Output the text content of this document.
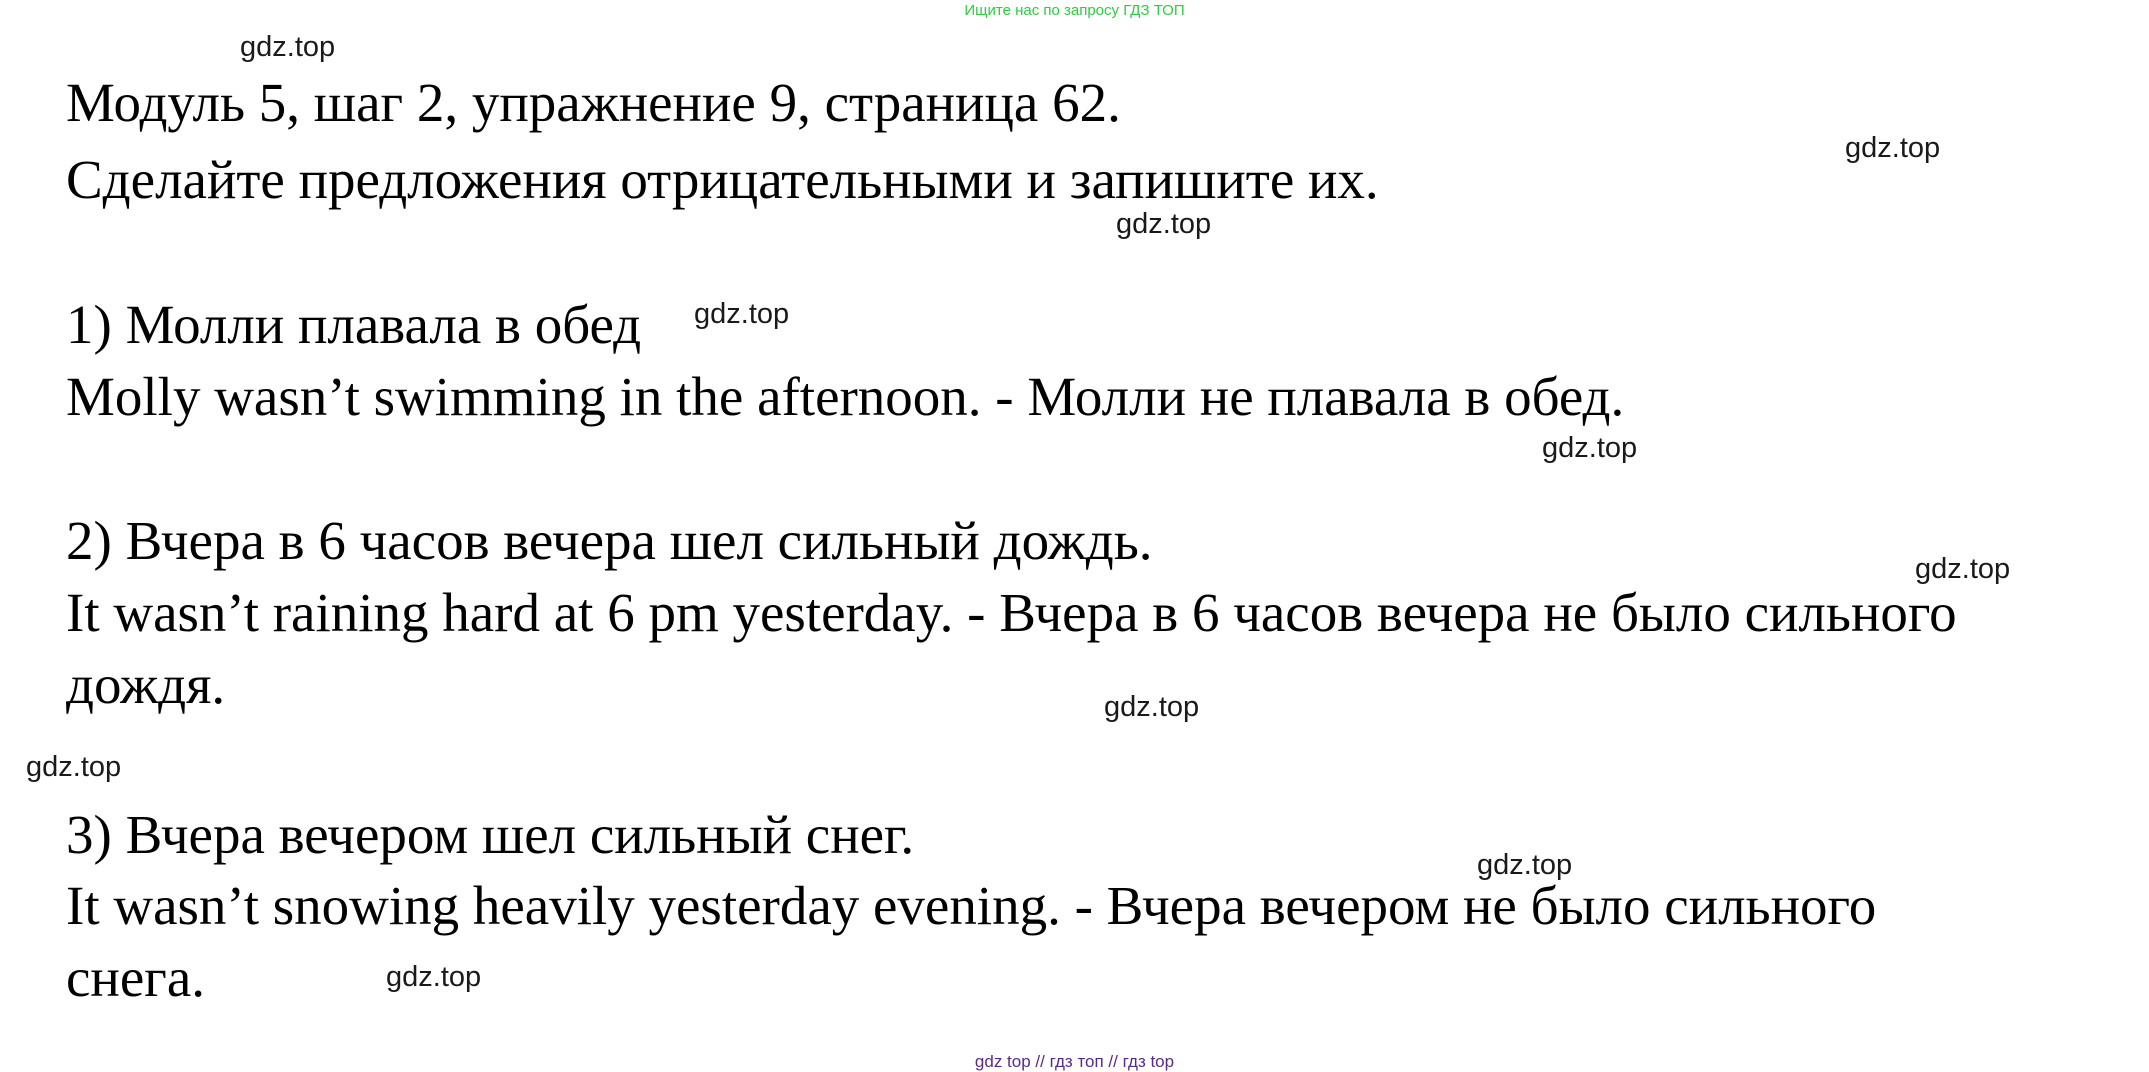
Ищите нас по запросу ГДЗ ТОП
Модуль 5, шаг 2, упражнение 9, страница 62.
Сделайте предложения отрицательными и запишите их.
1) Молли плавала в обед
Molly wasn’t swimming in the afternoon. - Молли не плавала в обед.
2) Вчера в 6 часов вечера шел сильный дождь.
It wasn’t raining hard at 6 pm yesterday. - Вчера в 6 часов вечера не было сильного
дождя.
3) Вчера вечером шел сильный снег.
It wasn’t snowing heavily yesterday evening. - Вчера вечером не было сильного
снега.
gdz.top
gdz.top
gdz.top
gdz.top
gdz.top
gdz.top
gdz.top
gdz.top
gdz.top
gdz.top
gdz top // гдз топ // гдз top
